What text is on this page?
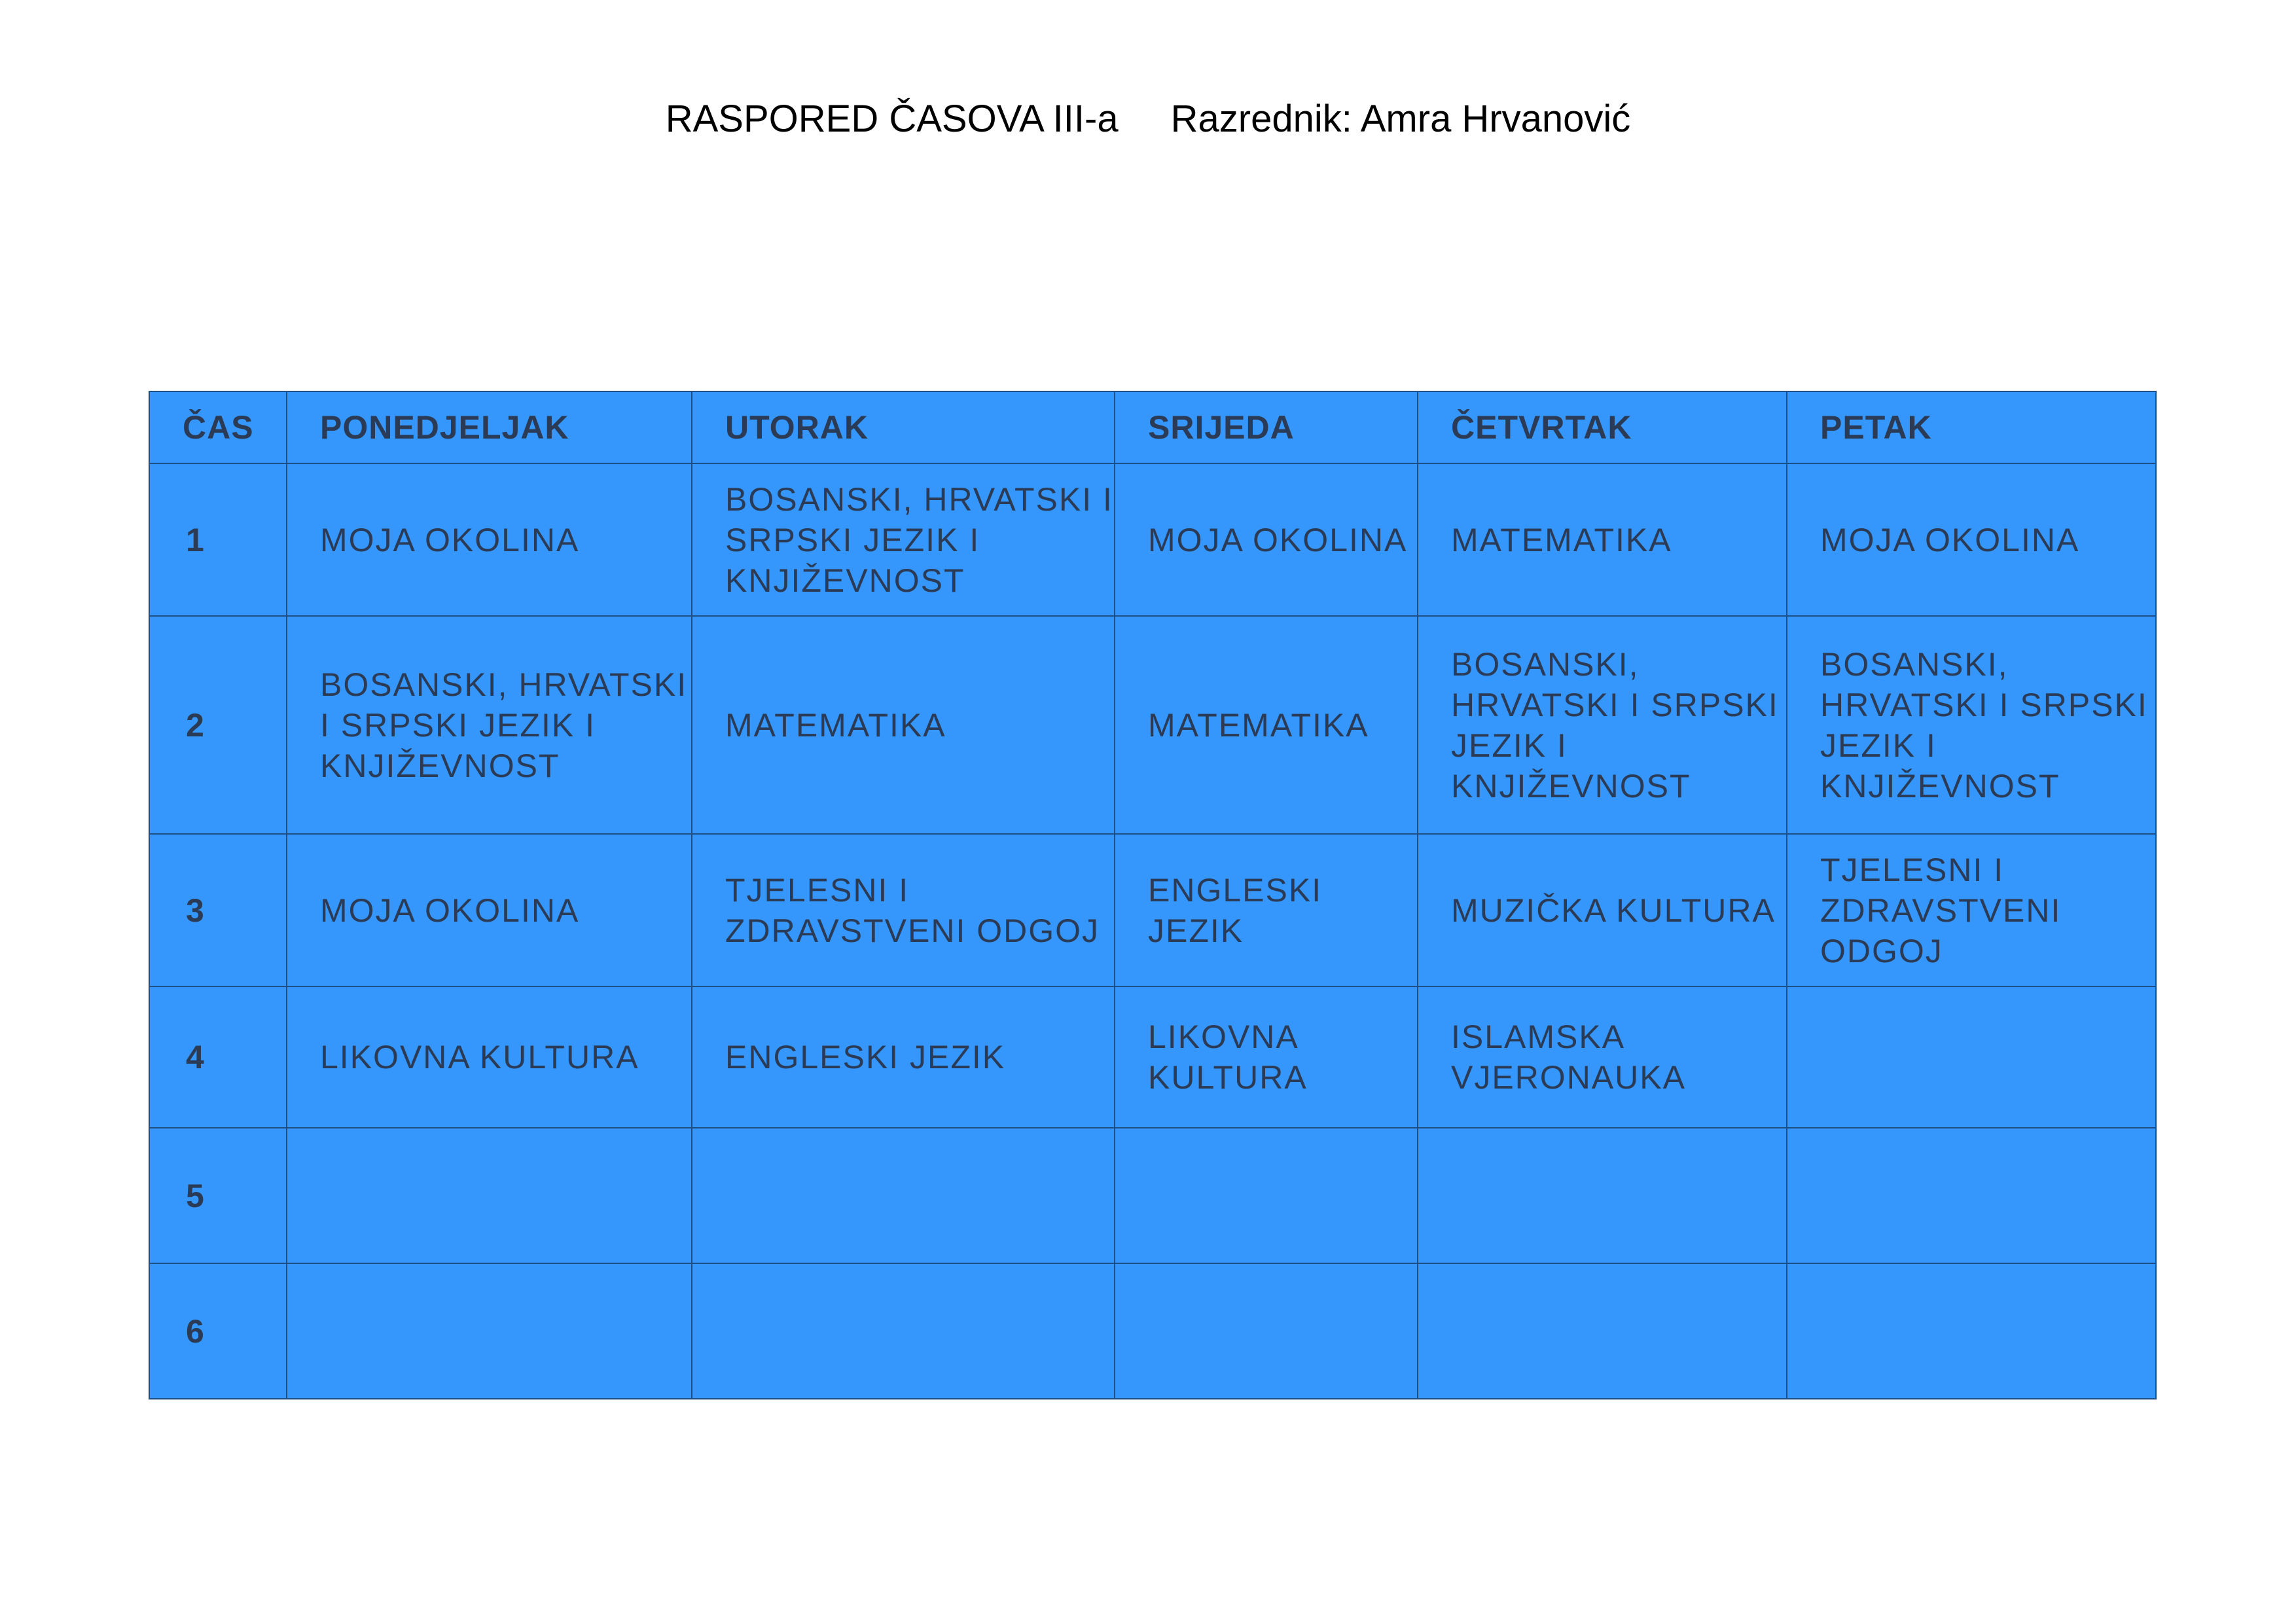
RASPORED ČASOVA III-a Razrednik: Amra Hrvanović
ČAS	PONEDJELJAK	UTORAK	SRIJEDA	ČETVRTAK	PETAK
1	MOJA OKOLINA	BOSANSKI, HRVATSKI I SRPSKI JEZIK I KNJIŽEVNOST	MOJA OKOLINA	MATEMATIKA	MOJA OKOLINA

2	BOSANSKI, HRVATSKI I SRPSKI JEZIK I KNJIŽEVNOST	MATEMATIKA	MATEMATIKA	BOSANSKI, HRVATSKI I SRPSKI JEZIK I KNJIŽEVNOST	BOSANSKI, HRVATSKI I SRPSKI JEZIK I KNJIŽEVNOST

3	MOJA OKOLINA	TJELESNI I ZDRAVSTVENI ODGOJ	ENGLESKI JEZIK	MUZIČKA KULTURA	TJELESNI I ZDRAVSTVENI ODGOJ

4	LIKOVNA KULTURA	ENGLESKI JEZIK	LIKOVNA KULTURA	ISLAMSKA VJERONAUKA	

5	

6	
